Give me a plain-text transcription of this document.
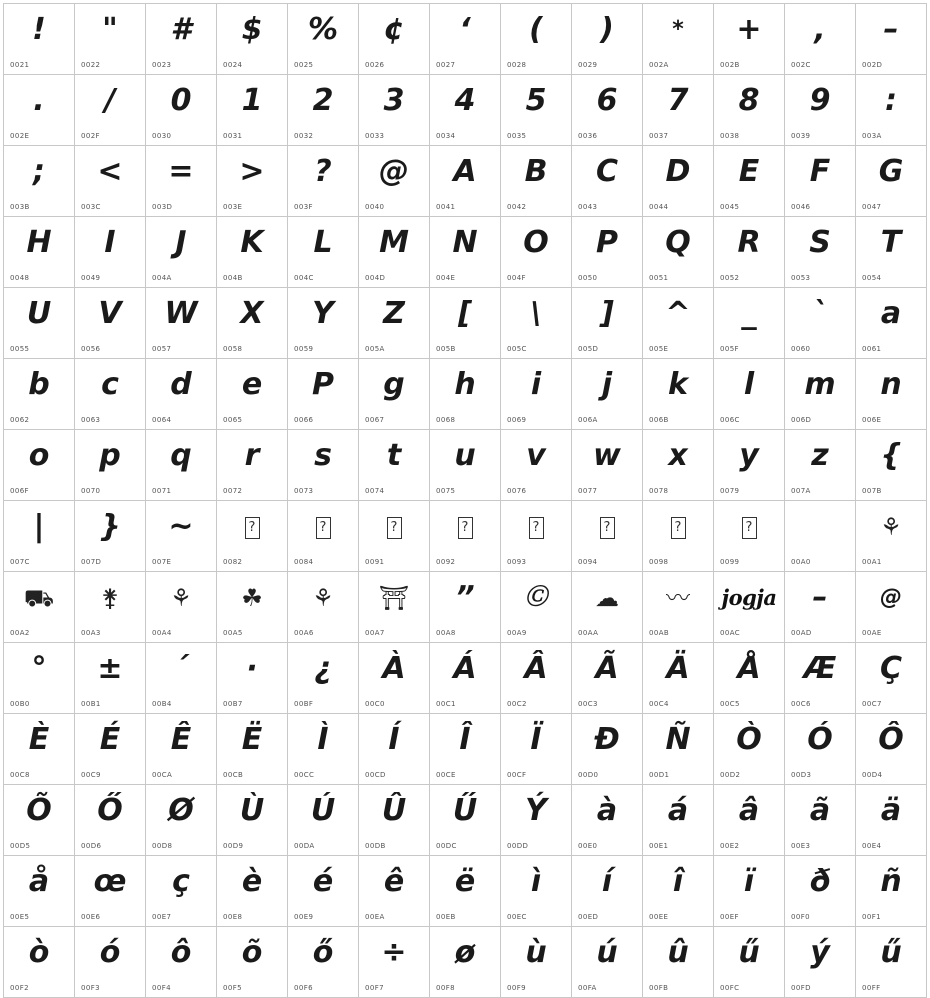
!
0021
"
0022
#
0023
$
0024
%
0025
¢
0026
‘
0027
(
0028
)
0029
*
002A
+
002B
,
002C
–
002D
.
002E
/
002F
0
0030
1
0031
2
0032
3
0033
4
0034
5
0035
6
0036
7
0037
8
0038
9
0039
:
003A
;
003B
<
003C
=
003D
>
003E
?
003F
@
0040
A
0041
B
0042
C
0043
D
0044
E
0045
F
0046
G
0047
H
0048
I
0049
J
004A
K
004B
L
004C
M
004D
N
004E
O
004F
P
0050
Q
0051
R
0052
S
0053
T
0054
U
0055
V
0056
W
0057
X
0058
Y
0059
Z
005A
[
005B
\
005C
]
005D
^
005E
_
005F
`
0060
a
0061
b
0062
c
0063
d
0064
e
0065
P
0066
g
0067
h
0068
i
0069
j
006A
k
006B
l
006C
m
006D
n
006E
o
006F
p
0070
q
0071
r
0072
s
0073
t
0074
u
0075
v
0076
w
0077
x
0078
y
0079
z
007A
{
007B
|
007C
}
007D
~
007E
?
0082
?
0084
?
0091
?
0092
?
0093
?
0094
?
0098
?
0099	00A0
⚘
00A1
⛟
00A2
⚵
00A3
⚘
00A4
☘
00A5
⚘
00A6
⛩
00A7
”
00A8
Ⓒ
00A9
☁
00AA
〰
00AB
jogja
00AC
–
00AD
@
00AE
°
00B0
±
00B1
´
00B4
·
00B7
¿
00BF
À
00C0
Á
00C1
Â
00C2
Ã
00C3
Ä
00C4
Å
00C5
Æ
00C6
Ç
00C7
È
00C8
É
00C9
Ê
00CA
Ë
00CB
Ì
00CC
Í
00CD
Î
00CE
Ï
00CF
Ð
00D0
Ñ
00D1
Ò
00D2
Ó
00D3
Ô
00D4
Õ
00D5
Ő
00D6
Ø
00D8
Ù
00D9
Ú
00DA
Û
00DB
Ű
00DC
Ý
00DD
à
00E0
á
00E1
â
00E2
ã
00E3
ä
00E4
å
00E5
œ
00E6
ç
00E7
è
00E8
é
00E9
ê
00EA
ë
00EB
ì
00EC
í
00ED
î
00EE
ï
00EF
ð
00F0
ñ
00F1
ò
00F2
ó
00F3
ô
00F4
õ
00F5
ő
00F6
÷
00F7
ø
00F8
ù
00F9
ú
00FA
û
00FB
ű
00FC
ý
00FD
ű
00FF
